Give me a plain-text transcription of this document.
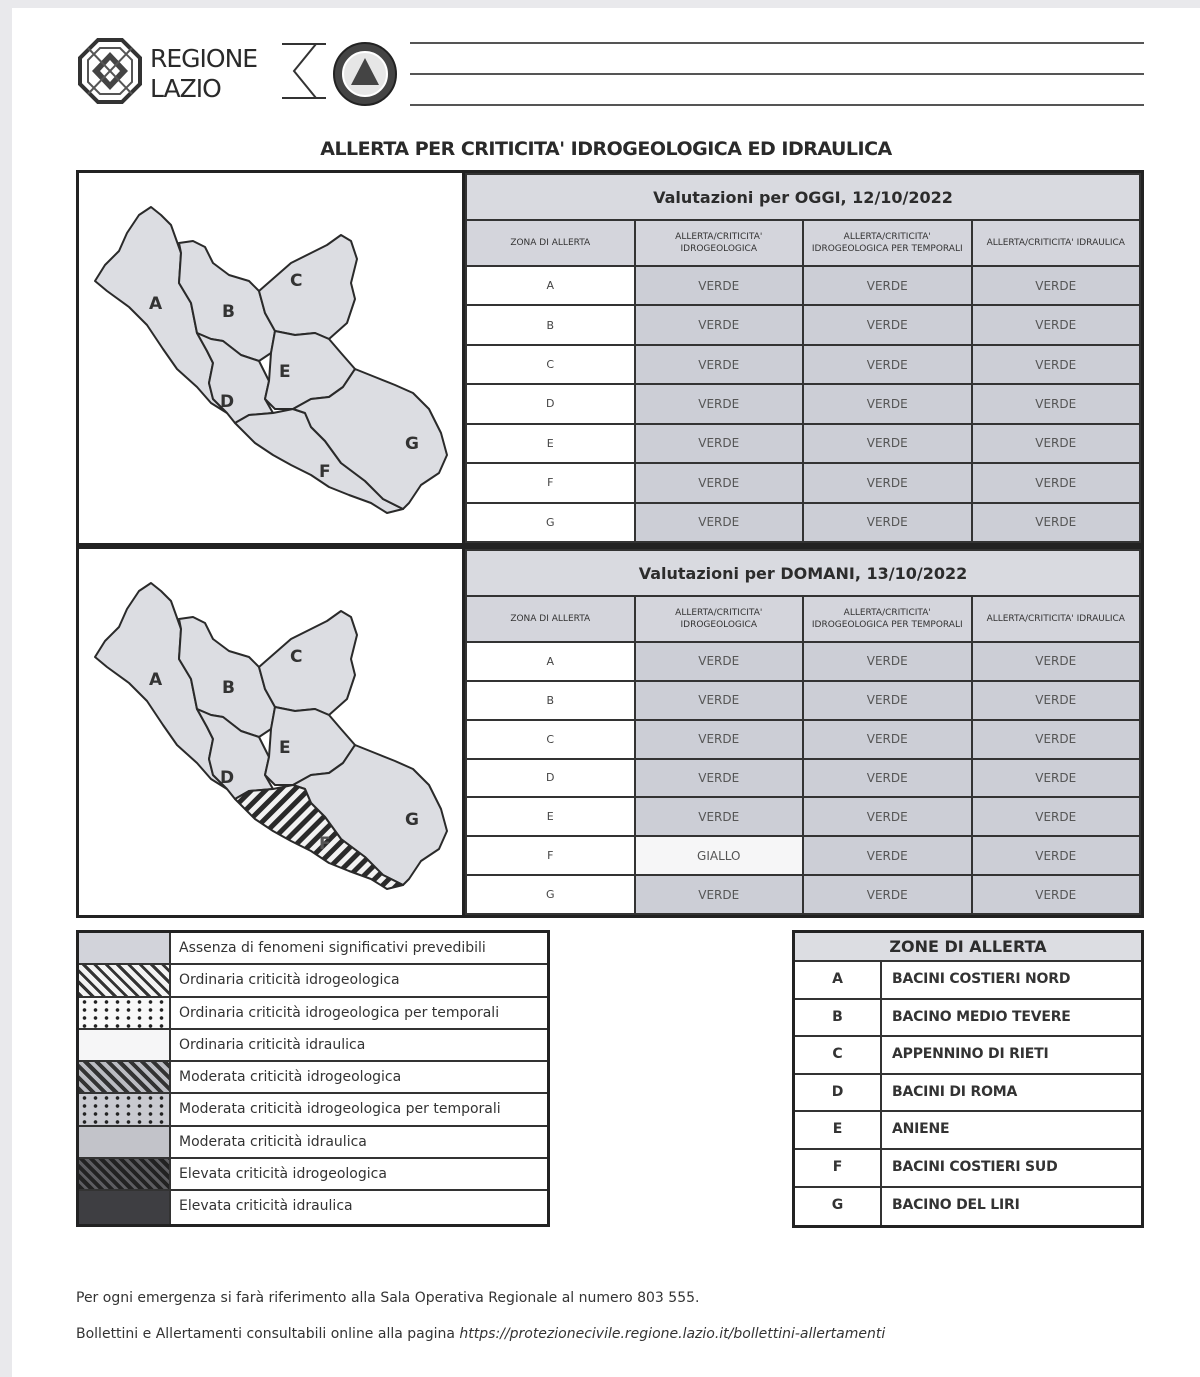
REGIONE
LAZIO
ALLERTA PER CRITICITA' IDROGEOLOGICA ED IDRAULICA
A	B
C
D
E
F
G
Valutazioni per OGGI, 12/10/2022			
ZONA DI ALLERTA	ALLERTA/CRITICITA' IDROGEOLOGICA	ALLERTA/CRITICITA' IDROGEOLOGICA PER TEMPORALI	ALLERTA/CRITICITA' IDRAULICA
A	VERDE	VERDE	VERDE
B	VERDE	VERDE	VERDE
C	VERDE	VERDE	VERDE
D	VERDE	VERDE	VERDE
E	VERDE	VERDE	VERDE
F	VERDE	VERDE	VERDE
G	VERDE	VERDE	VERDE
A	B
C
D
E
F
G
Valutazioni per DOMANI, 13/10/2022			
ZONA DI ALLERTA	ALLERTA/CRITICITA' IDROGEOLOGICA	ALLERTA/CRITICITA' IDROGEOLOGICA PER TEMPORALI	ALLERTA/CRITICITA' IDRAULICA
A	VERDE	VERDE	VERDE
B	VERDE	VERDE	VERDE
C	VERDE	VERDE	VERDE
D	VERDE	VERDE	VERDE
E	VERDE	VERDE	VERDE
F	GIALLO	VERDE	VERDE
G	VERDE	VERDE	VERDE
Assenza di fenomeni significativi prevedibili
Ordinaria criticità idrogeologica
Ordinaria criticità idrogeologica per temporali
Ordinaria criticità idraulica
Moderata criticità idrogeologica
Moderata criticità idrogeologica per temporali
Moderata criticità idraulica
Elevata criticità idrogeologica
Elevata criticità idraulica
ZONE DI ALLERTA
A	BACINI COSTIERI NORD
B	BACINO MEDIO TEVERE
C	APPENNINO DI RIETI
D	BACINI DI ROMA
E	ANIENE
F	BACINI COSTIERI SUD
G	BACINO DEL LIRI
Per ogni emergenza si farà riferimento alla Sala Operativa Regionale al numero 803 555.
Bollettini e Allertamenti consultabili online alla pagina https://protezionecivile.regione.lazio.it/bollettini-allertamenti
